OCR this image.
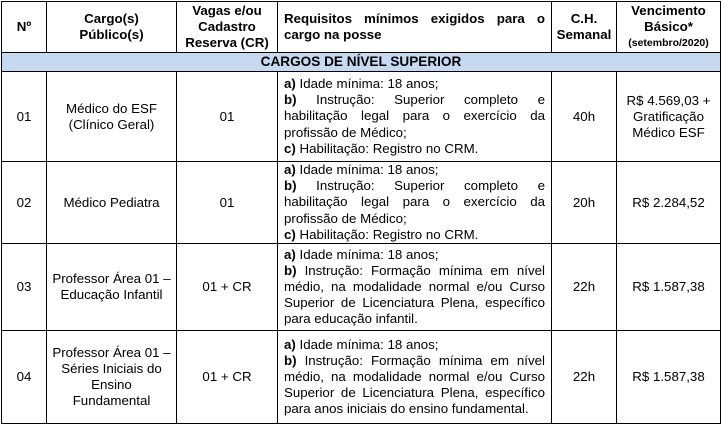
Nº	Cargo(s) Público(s)	Vagas e/ou Cadastro Reserva (CR)	Requisitos mínimos exigidos para o cargo na posse	C.H. Semanal	Vencimento Básico*
(setembro/2020)

CARGOS DE NÍVEL SUPERIOR					
01	Médico do ESF (Clínico Geral)	01	a) Idade mínima: 18 anos;
b) Instrução: Superior completo e habilitação legal para o exercício da profissão de Médico;
c) Habilitação: Registro no CRM.	40h	R$ 4.569,03 + Gratificação Médico ESF
02	Médico Pediatra	01	a) Idade mínima: 18 anos;
b) Instrução: Superior completo e habilitação legal para o exercício da profissão de Médico;
c) Habilitação: Registro no CRM.	20h	R$ 2.284,52
03	Professor Área 01 – Educação Infantil	01 + CR	a) Idade mínima: 18 anos;
b) Instrução: Formação mínima em nível médio, na modalidade normal e/ou Curso Superior de Licenciatura Plena, específico para educação infantil.	22h	R$ 1.587,38
04	Professor Área 01 – Séries Iniciais do Ensino Fundamental	01 + CR	a) Idade mínima: 18 anos;
b) Instrução: Formação mínima em nível médio, na modalidade normal e/ou Curso Superior de Licenciatura Plena, específico para anos iniciais do ensino fundamental.	22h	R$ 1.587,38
